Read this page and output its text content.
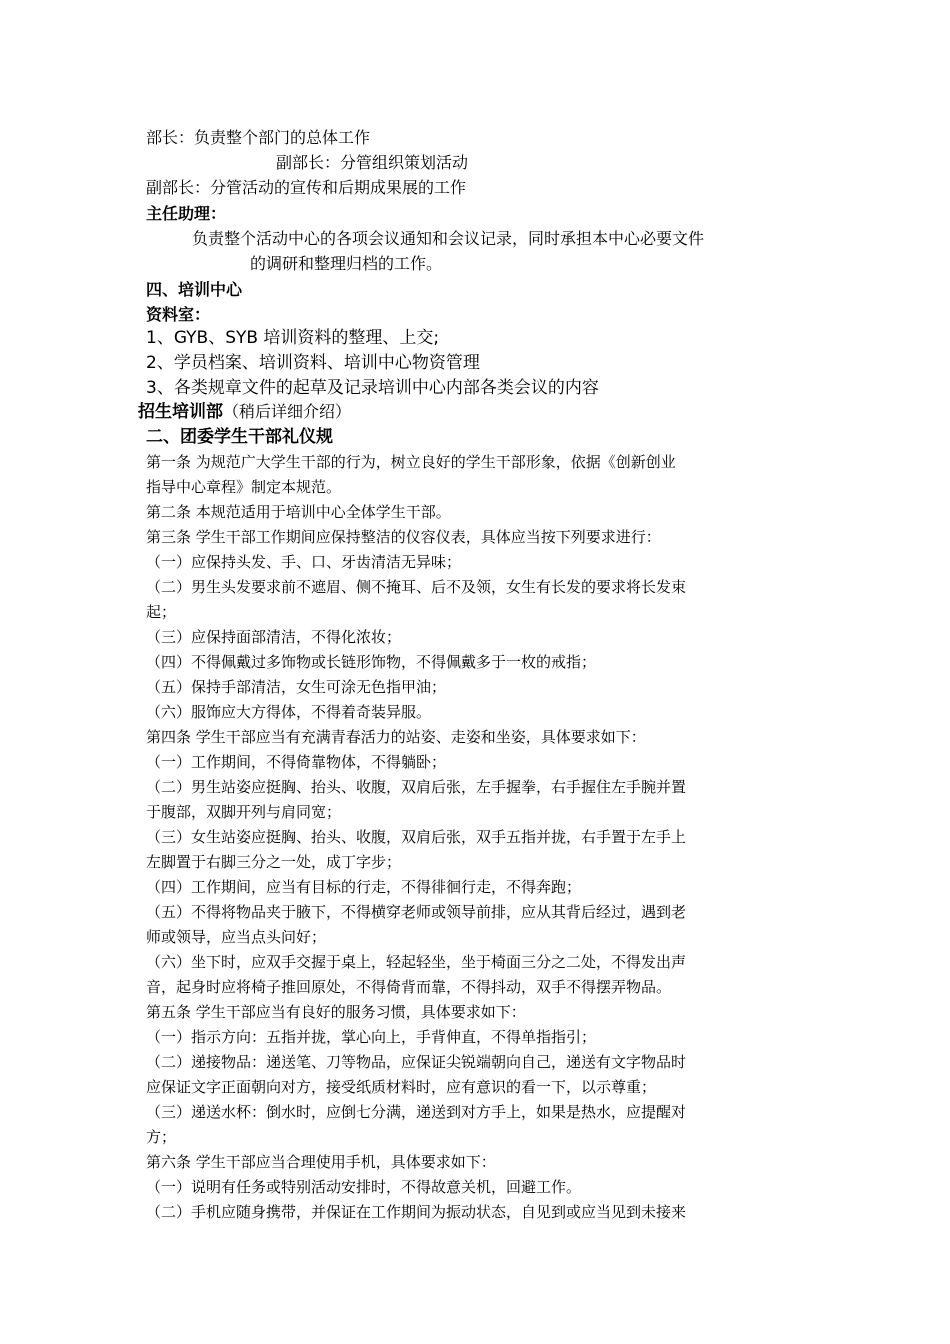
部长：负责整个部门的总体工作
副部长：分管组织策划活动
副部长：分管活动的宣传和后期成果展的工作
主任助理：
负责整个活动中心的各项会议通知和会议记录，同时承担本中心必要文件
的调研和整理归档的工作。
四、培训中心
资料室：
1、GYB、SYB 培训资料的整理、上交;
2、学员档案、培训资料、培训中心物资管理
3、各类规章文件的起草及记录培训中心内部各类会议的内容
招生培训部（稍后详细介绍）
二、团委学生干部礼仪规
第一条 为规范广大学生干部的行为，树立良好的学生干部形象，依据《创新创业
指导中心章程》制定本规范。
第二条 本规范适用于培训中心全体学生干部。
第三条 学生干部工作期间应保持整洁的仪容仪表，具体应当按下列要求进行：
（一）应保持头发、手、口、牙齿清洁无异味；
（二）男生头发要求前不遮眉、侧不掩耳、后不及领，女生有长发的要求将长发束
起；
（三）应保持面部清洁，不得化浓妆；
（四）不得佩戴过多饰物或长链形饰物，不得佩戴多于一枚的戒指；
（五）保持手部清洁，女生可涂无色指甲油；
（六）服饰应大方得体，不得着奇装异服。
第四条 学生干部应当有充满青春活力的站姿、走姿和坐姿，具体要求如下：
（一）工作期间，不得倚靠物体，不得躺卧；
（二）男生站姿应挺胸、抬头、收腹，双肩后张，左手握拳，右手握住左手腕并置
于腹部，双脚开列与肩同宽；
（三）女生站姿应挺胸、抬头、收腹，双肩后张，双手五指并拢，右手置于左手上
左脚置于右脚三分之一处，成丁字步；
（四）工作期间，应当有目标的行走，不得徘徊行走，不得奔跑；
（五）不得将物品夹于腋下，不得横穿老师或领导前排，应从其背后经过，遇到老
师或领导，应当点头问好；
（六）坐下时，应双手交握于桌上，轻起轻坐，坐于椅面三分之二处，不得发出声
音，起身时应将椅子推回原处，不得倚背而靠，不得抖动，双手不得摆弄物品。
第五条 学生干部应当有良好的服务习惯，具体要求如下：
（一）指示方向：五指并拢，掌心向上，手背伸直，不得单指指引；
（二）递接物品：递送笔、刀等物品，应保证尖锐端朝向自己，递送有文字物品时
应保证文字正面朝向对方，接受纸质材料时，应有意识的看一下，以示尊重；
（三）递送水杯：倒水时，应倒七分满，递送到对方手上，如果是热水，应提醒对
方；
第六条 学生干部应当合理使用手机，具体要求如下：
（一）说明有任务或特别活动安排时，不得故意关机，回避工作。
（二）手机应随身携带，并保证在工作期间为振动状态，自见到或应当见到未接来
